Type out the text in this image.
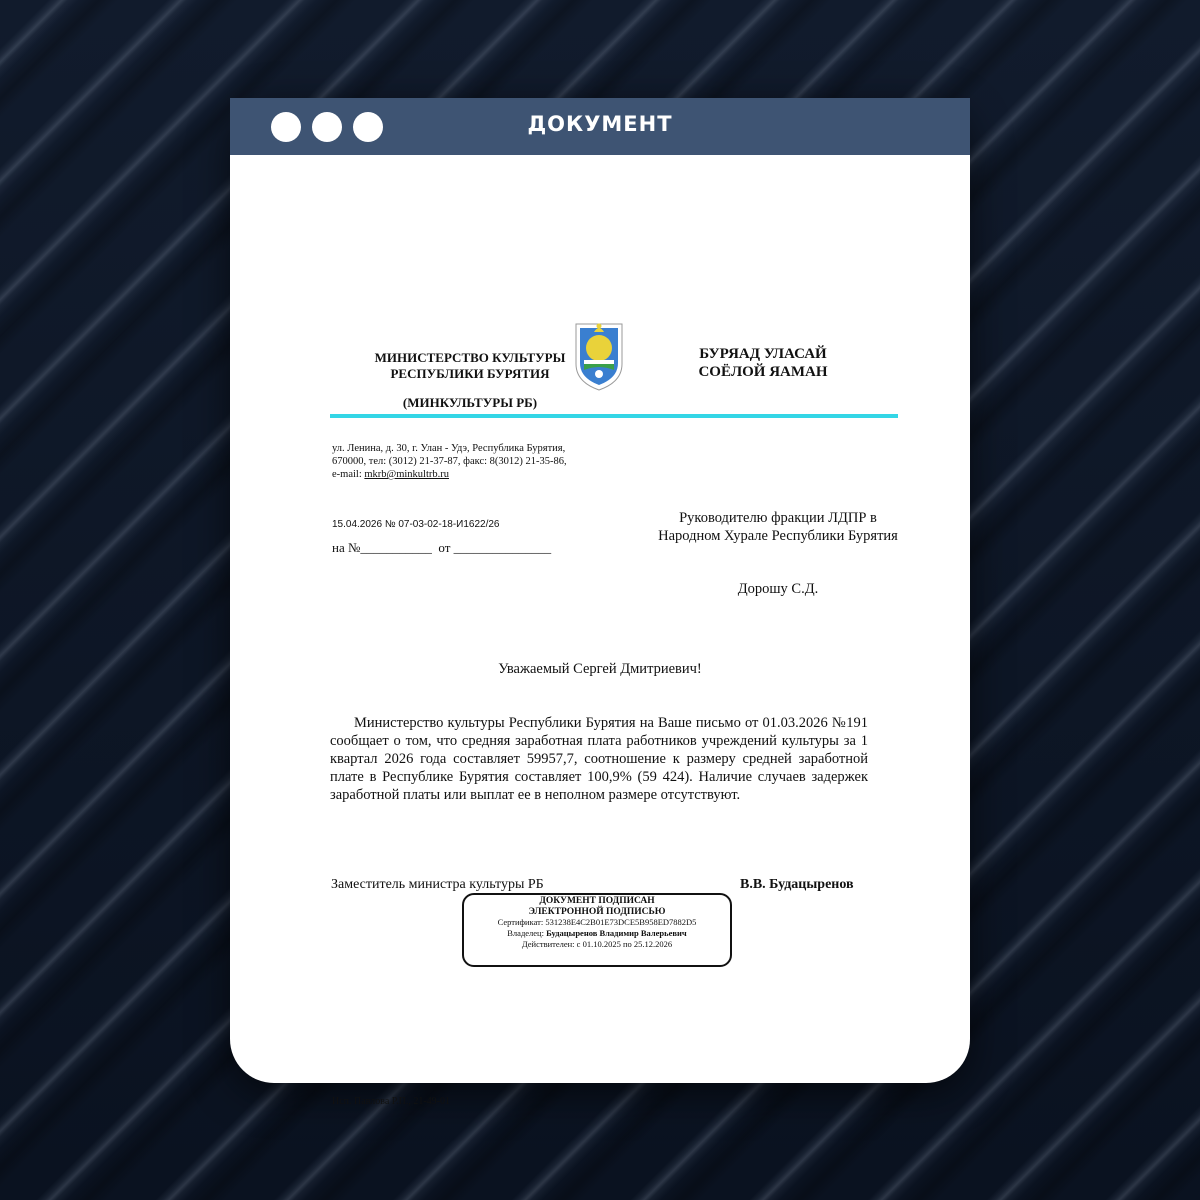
ДОКУМЕНТ
МИНИСТЕРСТВО КУЛЬТУРЫ
РЕСПУБЛИКИ БУРЯТИЯ
(МИНКУЛЬТУРЫ РБ)
БУРЯАД УЛАСАЙ
СОЁЛОЙ ЯАМАН
ул. Ленина, д. 30, г. Улан - Удэ, Республика Бурятия,
670000, тел: (3012) 21-37-87, факс: 8(3012) 21-35-86,
e-mail: mkrb@minkultrb.ru
15.04.2026 № 07-03-02-18-И1622/26
на №___________  от _______________
Руководителю фракции ЛДПР в Народном Хурале Республики Бурятия
Дорошу С.Д.
Уважаемый Сергей Дмитриевич!
Министерство культуры Республики Бурятия на Ваше письмо от 01.03.2026 №191 сообщает о том, что средняя заработная плата работников учреждений культуры за 1 квартал 2026 года составляет 59957,7, соотношение к размеру средней заработной плате в Республике Бурятия составляет 100,9% (59 424). Наличие случаев задержек заработной платы или выплат ее в неполном размере отсутствуют.
Заместитель министра культуры РБ	В.В. Будацыренов
ДОКУМЕНТ ПОДПИСАН
ЭЛЕКТРОННОЙ ПОДПИСЬЮ
Сертификат: 531238E4C2B01E73DCE5B958ED7882D5
Владелец: Будацыренов Владимир Валерьевич
Действителен: с 01.10.2025 по 25.12.2026
Исп. Павлова Р.П., 21-49-01
